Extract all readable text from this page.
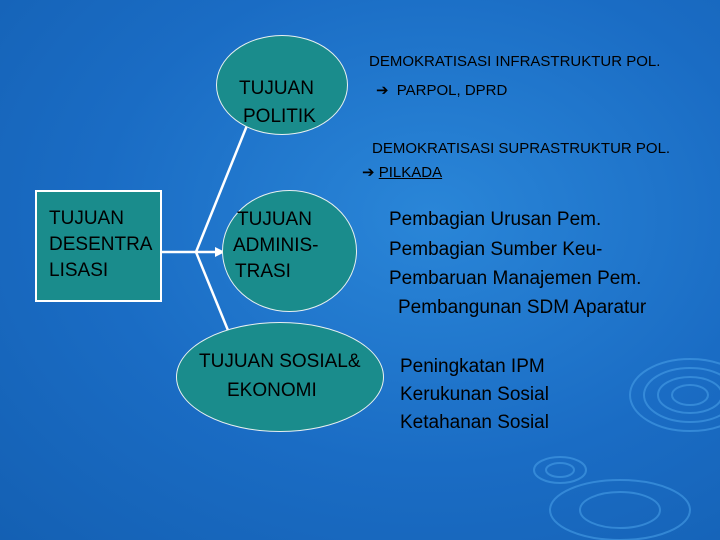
TUJUAN
DESENTRA
LISASI
TUJUAN
POLITIK
DEMOKRATISASI INFRASTRUKTUR POL.
➔ PARPOL, DPRD
DEMOKRATISASI SUPRASTRUKTUR POL.
➔ PILKADA
TUJUAN
ADMINIS-
TRASI
Pembagian Urusan Pem.
Pembagian Sumber Keu-
Pembaruan Manajemen Pem.
Pembangunan SDM Aparatur
TUJUAN SOSIAL&
EKONOMI
Peningkatan IPM
Kerukunan Sosial
Ketahanan Sosial
